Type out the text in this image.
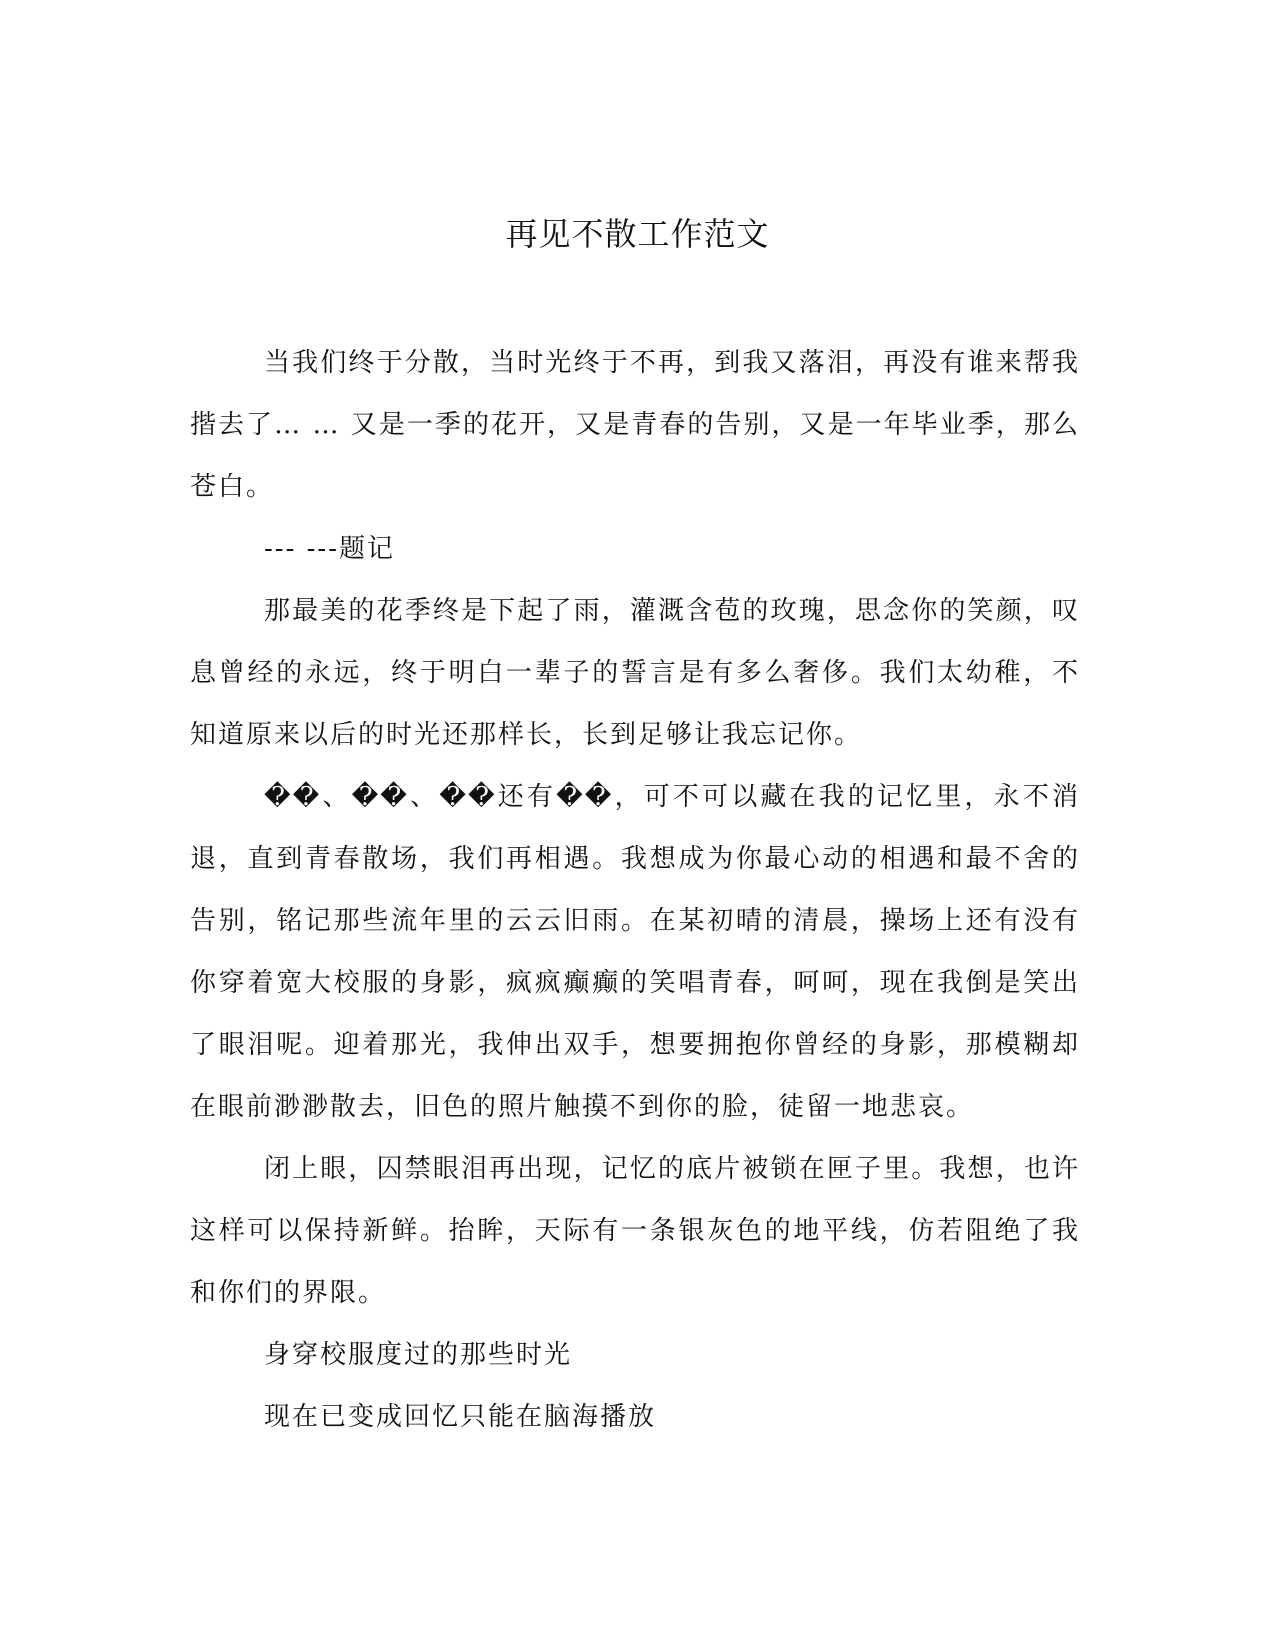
再见不散工作范文

当我们终于分散，当时光终于不再，到我又落泪，再没有谁来帮我揩去了… … 又是一季的花开，又是青春的告别，又是一年毕业季，那么苍白。

--- ---题记

那最美的花季终是下起了雨，灌溉含苞的玫瑰，思念你的笑颜，叹息曾经的永远，终于明白一辈子的誓言是有多么奢侈。我们太幼稚，不知道原来以后的时光还那样长，长到足够让我忘记你。

��、��、��还有��，可不可以藏在我的记忆里，永不消退，直到青春散场，我们再相遇。我想成为你最心动的相遇和最不舍的告别，铭记那些流年里的云云旧雨。在某初晴的清晨，操场上还有没有你穿着宽大校服的身影，疯疯癫癫的笑唱青春，呵呵，现在我倒是笑出了眼泪呢。迎着那光，我伸出双手，想要拥抱你曾经的身影，那模糊却在眼前渺渺散去，旧色的照片触摸不到你的脸，徒留一地悲哀。

闭上眼，囚禁眼泪再出现，记忆的底片被锁在匣子里。我想，也许这样可以保持新鲜。抬眸，天际有一条银灰色的地平线，仿若阻绝了我和你们的界限。

身穿校服度过的那些时光

现在已变成回忆只能在脑海播放
